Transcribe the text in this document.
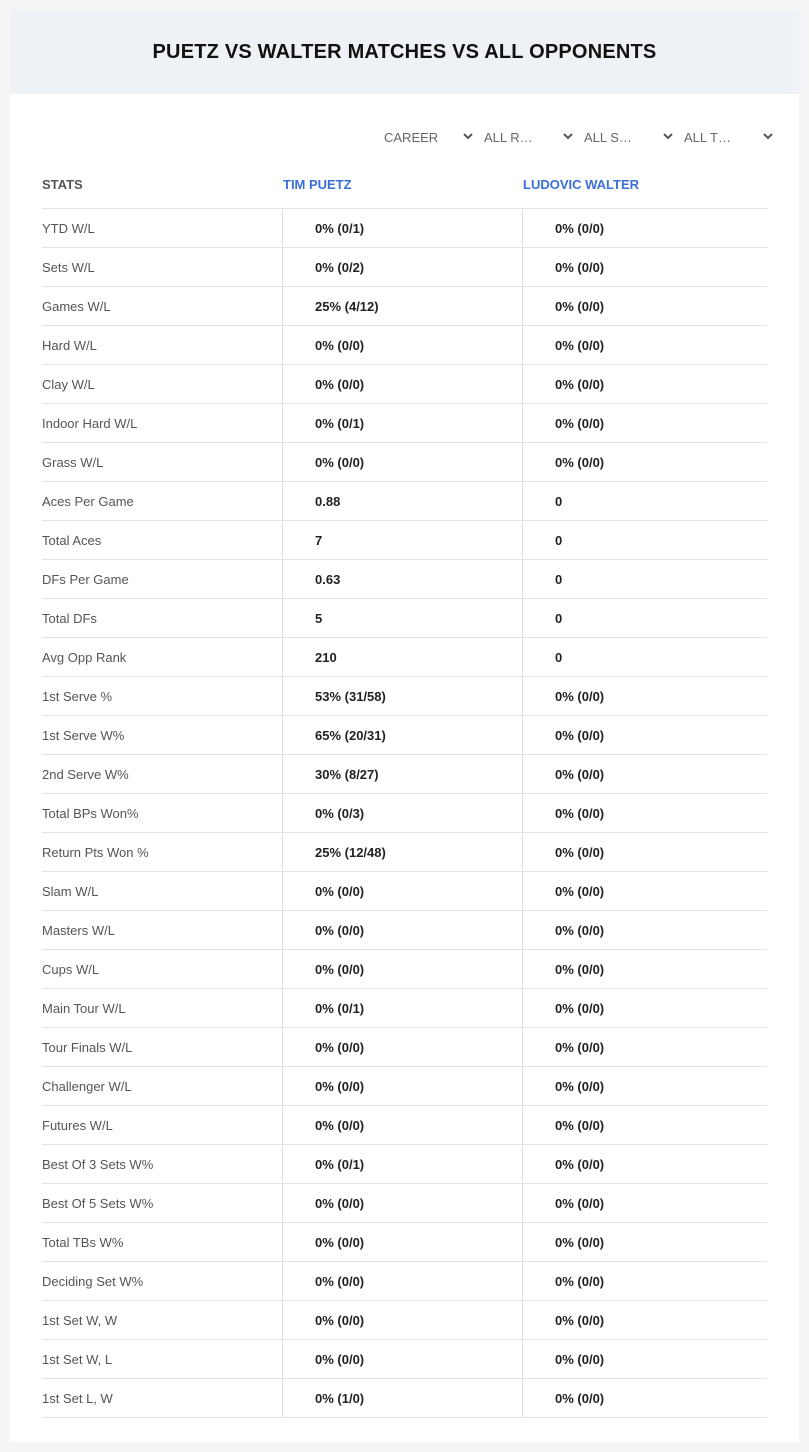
PUETZ VS WALTER MATCHES VS ALL OPPONENTS
CAREER	ALL R…	ALL S…	ALL T…
STATS	TIM PUETZ	LUDOVIC WALTER
YTD W/L	0% (0/1)	0% (0/0)
Sets W/L	0% (0/2)	0% (0/0)
Games W/L	25% (4/12)	0% (0/0)
Hard W/L	0% (0/0)	0% (0/0)
Clay W/L	0% (0/0)	0% (0/0)
Indoor Hard W/L	0% (0/1)	0% (0/0)
Grass W/L	0% (0/0)	0% (0/0)
Aces Per Game	0.88	0
Total Aces	7	0
DFs Per Game	0.63	0
Total DFs	5	0
Avg Opp Rank	210	0
1st Serve %	53% (31/58)	0% (0/0)
1st Serve W%	65% (20/31)	0% (0/0)
2nd Serve W%	30% (8/27)	0% (0/0)
Total BPs Won%	0% (0/3)	0% (0/0)
Return Pts Won %	25% (12/48)	0% (0/0)
Slam W/L	0% (0/0)	0% (0/0)
Masters W/L	0% (0/0)	0% (0/0)
Cups W/L	0% (0/0)	0% (0/0)
Main Tour W/L	0% (0/1)	0% (0/0)
Tour Finals W/L	0% (0/0)	0% (0/0)
Challenger W/L	0% (0/0)	0% (0/0)
Futures W/L	0% (0/0)	0% (0/0)
Best Of 3 Sets W%	0% (0/1)	0% (0/0)
Best Of 5 Sets W%	0% (0/0)	0% (0/0)
Total TBs W%	0% (0/0)	0% (0/0)
Deciding Set W%	0% (0/0)	0% (0/0)
1st Set W, W	0% (0/0)	0% (0/0)
1st Set W, L	0% (0/0)	0% (0/0)
1st Set L, W	0% (1/0)	0% (0/0)
